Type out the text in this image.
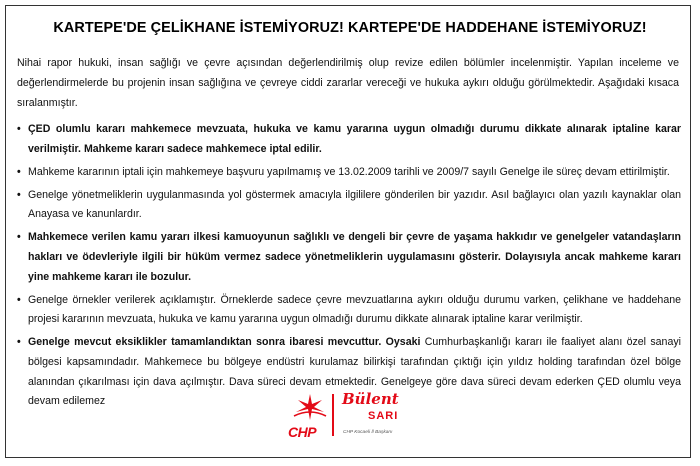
KARTEPE'DE ÇELİKHANE İSTEMİYORUZ! KARTEPE'DE HADDEHANE İSTEMİYORUZ!

Nihai rapor hukuki, insan sağlığı ve çevre açısından değerlendirilmiş olup revize edilen bölümler incelenmiştir. Yapılan inceleme ve değerlendirmelerde bu projenin insan sağlığına ve çevreye ciddi zararlar vereceği ve hukuka aykırı olduğu görülmektedir. Aşağıdaki kısaca sıralanmıştır.

• ÇED olumlu kararı mahkemece mevzuata, hukuka ve kamu yararına uygun olmadığı durumu dikkate alınarak iptaline karar verilmiştir. Mahkeme kararı sadece mahkemece iptal edilir.
• Mahkeme kararının iptali için mahkemeye başvuru yapılmamış ve 13.02.2009 tarihli ve 2009/7 sayılı Genelge ile süreç devam ettirilmiştir.
• Genelge yönetmeliklerin uygulanmasında yol göstermek amacıyla ilgililere gönderilen bir yazıdır. Asıl bağlayıcı olan yazılı kaynaklar olan Anayasa ve kanunlardır.
• Mahkemece verilen kamu yararı ilkesi kamuoyunun sağlıklı ve dengeli bir çevre de yaşama hakkıdır ve genelgeler vatandaşların hakları ve ödevleriyle ilgili bir hüküm vermez sadece yönetmeliklerin uygulamasını gösterir. Dolayısıyla ancak mahkeme kararı yine mahkeme kararı ile bozulur.
• Genelge örnekler verilerek açıklamıştır. Örneklerde sadece çevre mevzuatlarına aykırı olduğu durumu varken, çelikhane ve haddehane projesi kararının mevzuata, hukuka ve kamu yararına uygun olmadığı durumu dikkate alınarak iptaline karar verilmiştir.
• Genelge mevcut eksiklikler tamamlandıktan sonra ibaresi mevcuttur. Oysaki Cumhurbaşkanlığı kararı ile faaliyet alanı özel sanayi bölgesi kapsamındadır. Mahkemece bu bölgeye endüstri kurulamaz bilirkişi tarafından çıktığı için yıldız holding tarafından özel bölge alanından çıkarılması için dava açılmıştır. Dava süreci devam etmektedir. Genelgeye göre dava süreci devam ederken ÇED olumlu veya devam edilemez
CHP
Bülent
SARI
CHP Kocaeli İl Başkanı
